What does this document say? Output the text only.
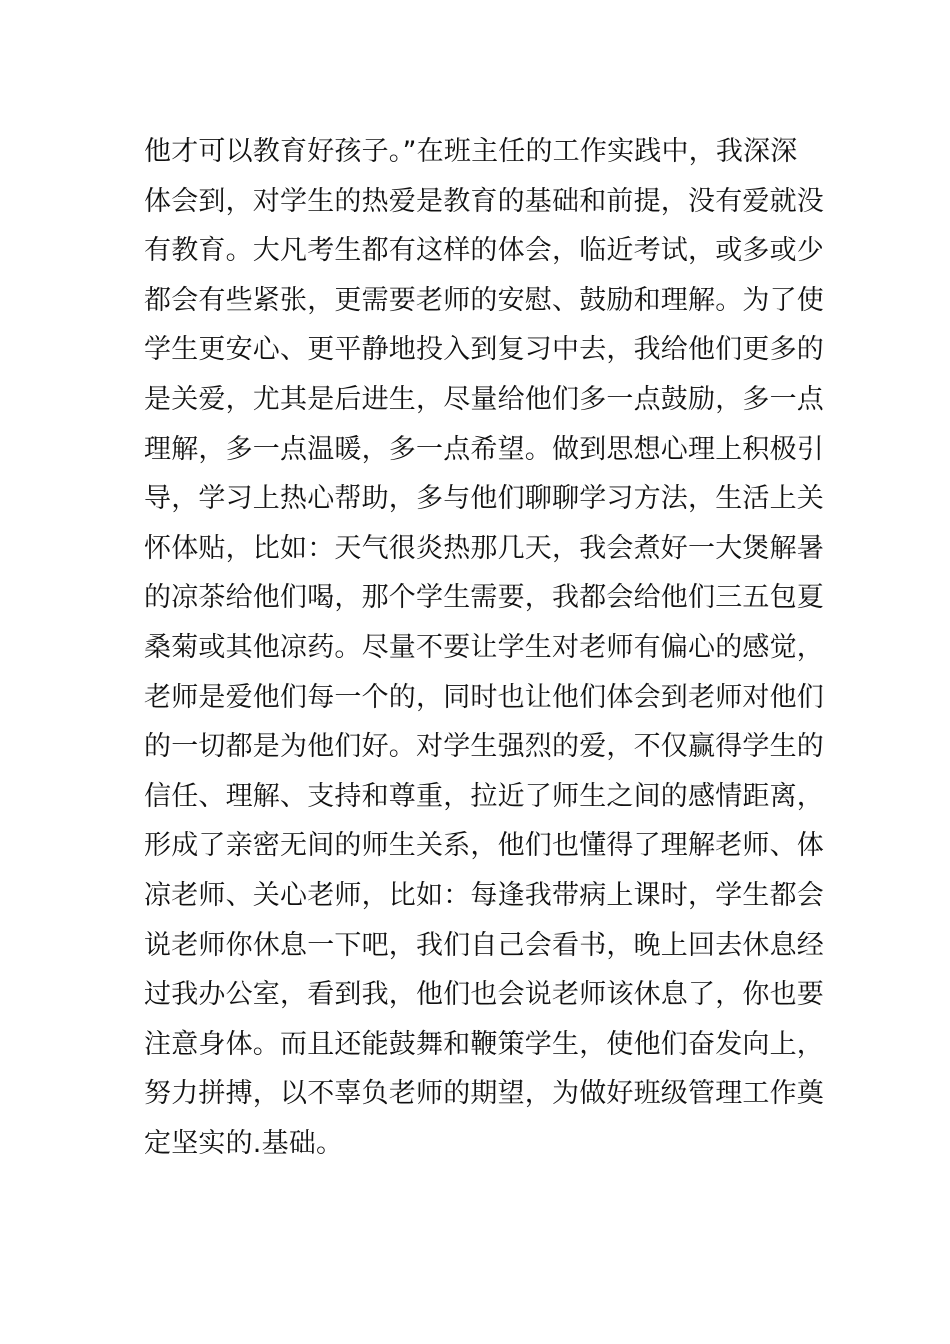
他才可以教育好孩子。”在班主任的工作实践中，我深深
体会到，对学生的热爱是教育的基础和前提，没有爱就没
有教育。大凡考生都有这样的体会，临近考试，或多或少
都会有些紧张，更需要老师的安慰、鼓励和理解。为了使
学生更安心、更平静地投入到复习中去，我给他们更多的
是关爱，尤其是后进生，尽量给他们多一点鼓励，多一点
理解，多一点温暖，多一点希望。做到思想心理上积极引
导，学习上热心帮助，多与他们聊聊学习方法，生活上关
怀体贴，比如：天气很炎热那几天，我会煮好一大煲解暑
的凉茶给他们喝，那个学生需要，我都会给他们三五包夏
桑菊或其他凉药。尽量不要让学生对老师有偏心的感觉，
老师是爱他们每一个的，同时也让他们体会到老师对他们
的一切都是为他们好。对学生强烈的爱，不仅赢得学生的
信任、理解、支持和尊重，拉近了师生之间的感情距离，
形成了亲密无间的师生关系，他们也懂得了理解老师、体
凉老师、关心老师，比如：每逢我带病上课时，学生都会
说老师你休息一下吧，我们自己会看书，晚上回去休息经
过我办公室，看到我，他们也会说老师该休息了，你也要
注意身体。而且还能鼓舞和鞭策学生，使他们奋发向上，
努力拼搏，以不辜负老师的期望，为做好班级管理工作奠
定坚实的.基础。
